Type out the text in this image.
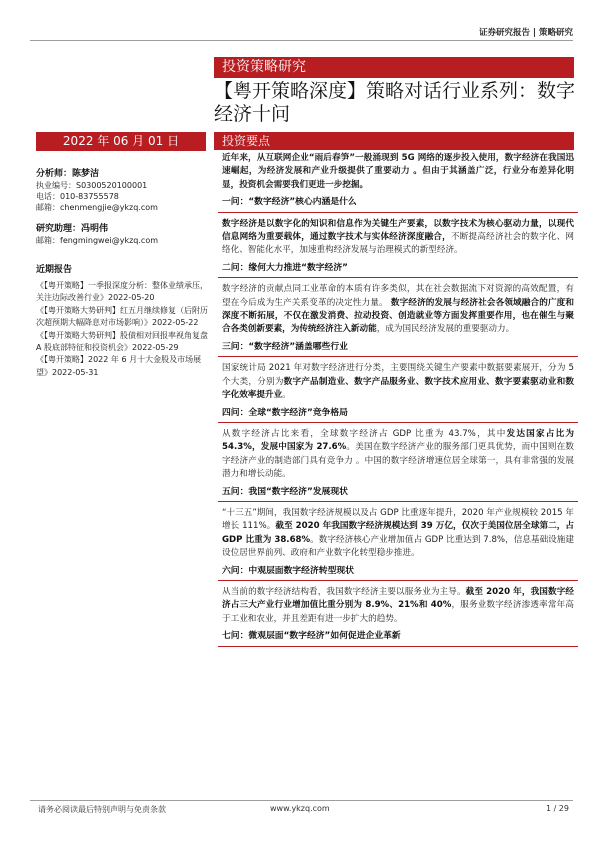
证券研究报告 | 策略研究
投资策略研究
【粤开策略深度】策略对话行业系列：数字经济十问
2022 年 06 月 01 日	投资要点
分析师：陈梦洁
执业编号：S0300520100001
电话：010-83755578
邮箱：chenmengjie@ykzq.com
研究助理：冯明伟
邮箱：fengmingwei@ykzq.com
近期报告
《【粤开策略】一季报深度分析：整体业绩承压，关注边际改善行业》2022-05-20
《【粤开策略大势研判】红五月继续修复（后附历次超预期大幅降息对市场影响）》2022-05-22
《【粤开策略大势研判】股债相对回报率视角复盘 A 股底部特征和投资机会》2022-05-29
《【粤开策略】2022 年 6 月十大金股及市场展望》2022-05-31
近年来，从互联网企业“雨后春笋”一般涌现到 5G 网络的逐步投入使用，数字经济在我国迅速崛起，为经济发展和产业升级提供了重要动力 。但由于其涵盖广泛，行业分布差异化明显，投资机会需要我们更进一步挖掘。
一问：“数字经济”核心内涵是什么
数字经济是以数字化的知识和信息作为关键生产要素，以数字技术为核心驱动力量，以现代信息网络为重要载体，通过数字技术与实体经济深度融合，不断提高经济社会的数字化、网络化、智能化水平，加速重构经济发展与治理模式的新型经济。
二问：缘何大力推进“数字经济”
数字经济的贡献点同工业革命的本质有许多类似，其在社会数据流下对资源的高效配置，有望在今后成为生产关系变革的决定性力量。 数字经济的发展与经济社会各领域融合的广度和深度不断拓展，不仅在激发消费、拉动投资、创造就业等方面发挥重要作用，也在催生与聚合各类创新要素，为传统经济注入新动能，成为国民经济发展的重要驱动力。
三问：“数字经济”涵盖哪些行业
国家统计局 2021 年对数字经济进行分类，主要围绕关键生产要素中数据要素展开，分为 5 个大类，分别为数字产品制造业、数字产品服务业、数字技术应用业、数字要素驱动业和数字化效率提升业。
四问：全球“数字经济”竞争格局
从数字经济占比来看，全球数字经济占 GDP 比重为 43.7%，其中发达国家占比为 54.3%，发展中国家为 27.6%。美国在数字经济产业的服务部门更具优势，而中国则在数字经济产业的制造部门具有竞争力 。中国的数字经济增速位居全球第一，具有非常强的发展潜力和增长动能。
五问：我国“数字经济”发展现状
“十三五”期间，我国数字经济规模以及占 GDP 比重逐年提升，2020 年产业规模较 2015 年增长 111%。截至 2020 年我国数字经济规模达到 39 万亿，仅次于美国位居全球第二，占 GDP 比重为 38.68%。数字经济核心产业增加值占 GDP 比重达到 7.8%，信息基础设施建设位居世界前列、政府和产业数字化转型稳步推进。
六问：中观层面数字经济转型现状
从当前的数字经济结构看，我国数字经济主要以服务业为主导。截至 2020 年，我国数字经济占三大产业行业增加值比重分别为 8.9%、21%和 40%，服务业数字经济渗透率常年高于工业和农业，并且差距有进一步扩大的趋势。
七问：微观层面“数字经济”如何促进企业革新
请务必阅读最后特别声明与免责条款	www.ykzq.com	1 / 29
